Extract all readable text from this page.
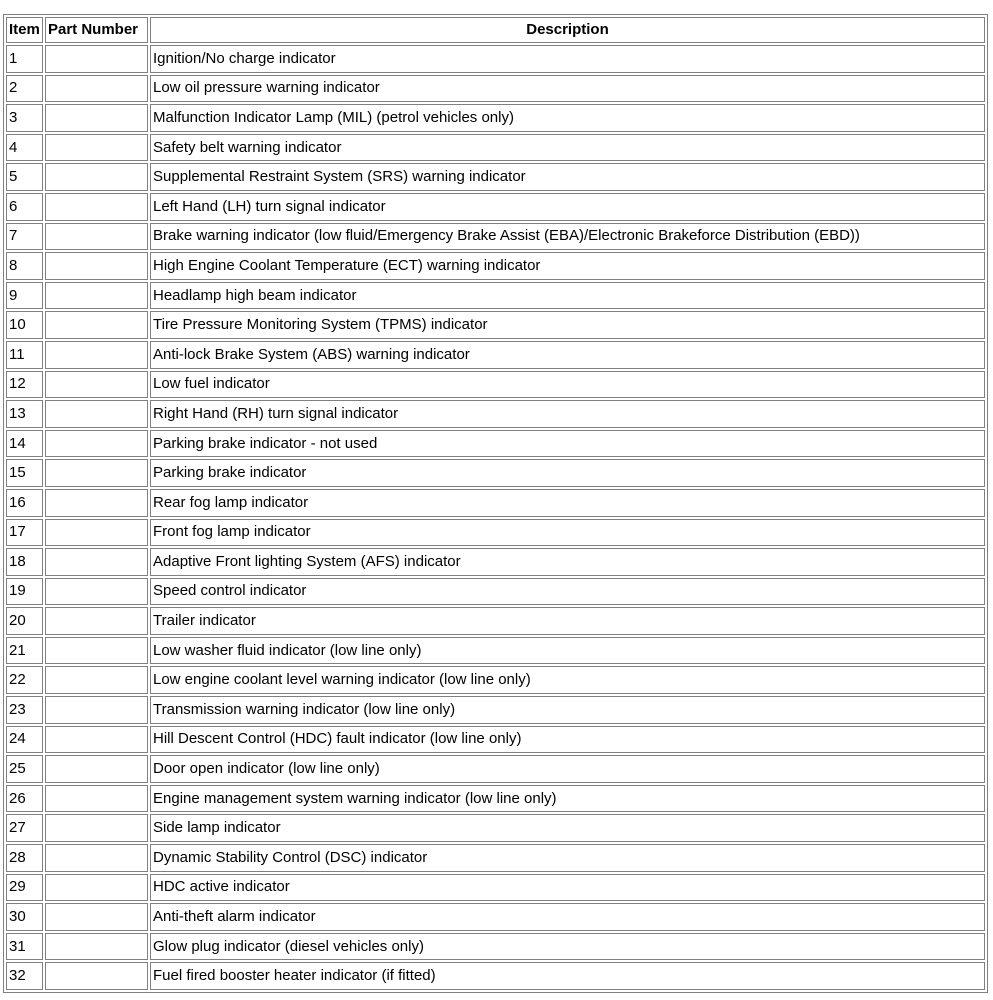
Item	Part Number	Description
1		Ignition/No charge indicator
2		Low oil pressure warning indicator
3		Malfunction Indicator Lamp (MIL) (petrol vehicles only)
4		Safety belt warning indicator
5		Supplemental Restraint System (SRS) warning indicator
6		Left Hand (LH) turn signal indicator
7		Brake warning indicator (low fluid/Emergency Brake Assist (EBA)/Electronic Brakeforce Distribution (EBD))
8		High Engine Coolant Temperature (ECT) warning indicator
9		Headlamp high beam indicator
10		Tire Pressure Monitoring System (TPMS) indicator
11		Anti-lock Brake System (ABS) warning indicator
12		Low fuel indicator
13		Right Hand (RH) turn signal indicator
14		Parking brake indicator - not used
15		Parking brake indicator
16		Rear fog lamp indicator
17		Front fog lamp indicator
18		Adaptive Front lighting System (AFS) indicator
19		Speed control indicator
20		Trailer indicator
21		Low washer fluid indicator (low line only)
22		Low engine coolant level warning indicator (low line only)
23		Transmission warning indicator (low line only)
24		Hill Descent Control (HDC) fault indicator (low line only)
25		Door open indicator (low line only)
26		Engine management system warning indicator (low line only)
27		Side lamp indicator
28		Dynamic Stability Control (DSC) indicator
29		HDC active indicator
30		Anti-theft alarm indicator
31		Glow plug indicator (diesel vehicles only)
32		Fuel fired booster heater indicator (if fitted)
